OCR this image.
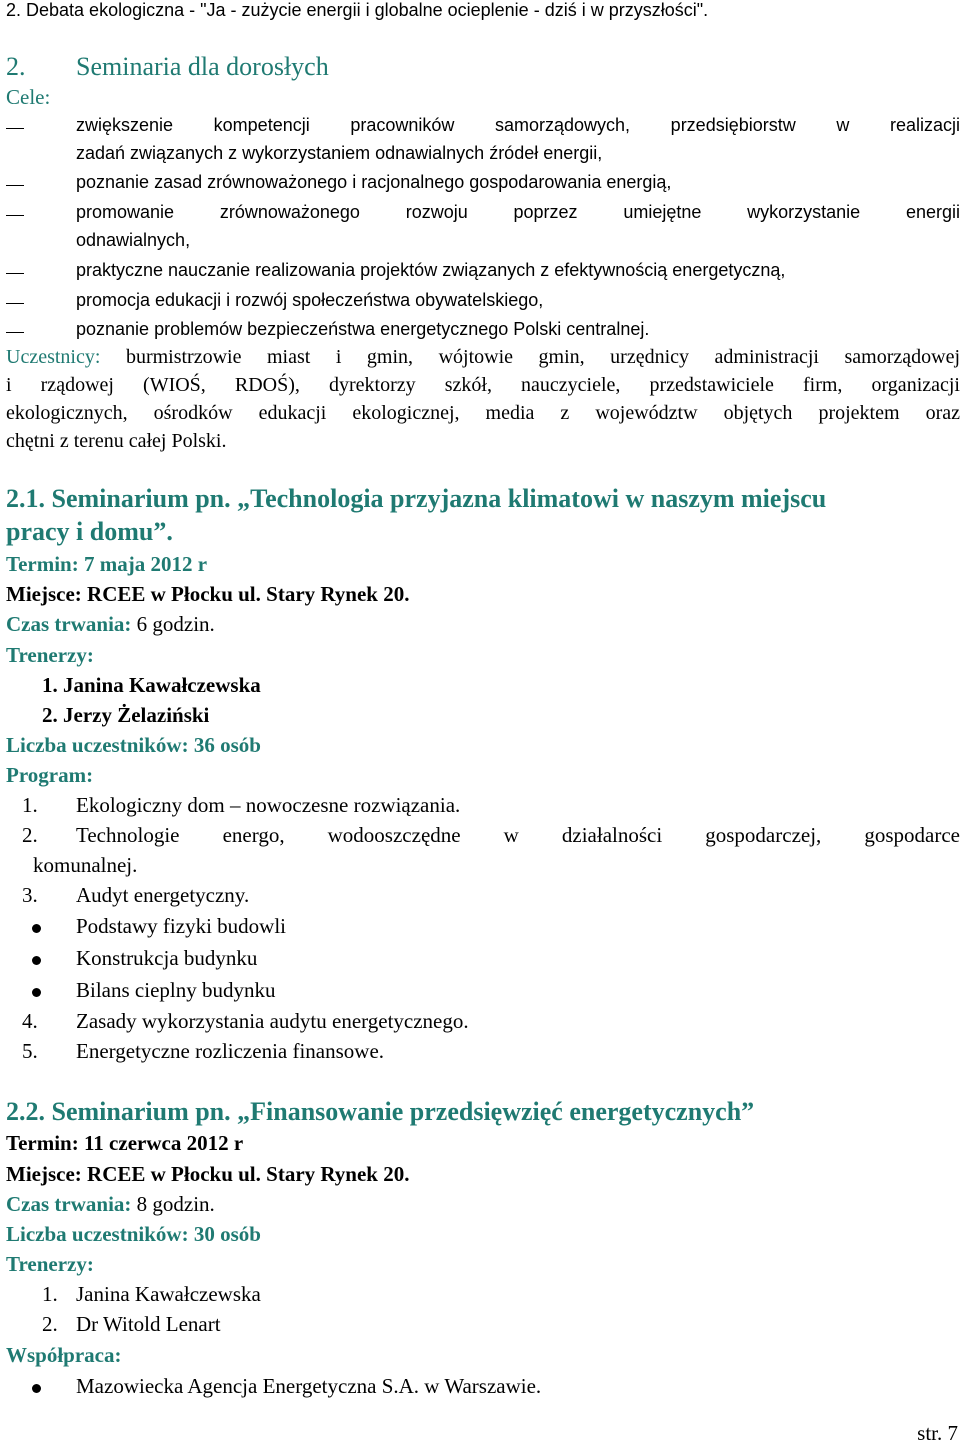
2. Debata ekologiczna - "Ja - zużycie energii i globalne ocieplenie - dziś i w przyszłości".
2. Seminaria dla dorosłych
Cele:
zwiększenie kompetencji pracowników samorządowych, przedsiębiorstw w realizacji
zadań związanych z wykorzystaniem odnawialnych źródeł energii,
poznanie zasad zrównoważonego i racjonalnego gospodarowania energią,
promowanie zrównoważonego rozwoju poprzez umiejętne wykorzystanie energii
odnawialnych,
praktyczne nauczanie realizowania projektów związanych z efektywnością energetyczną,
promocja edukacji i rozwój społeczeństwa obywatelskiego,
poznanie problemów bezpieczeństwa energetycznego Polski centralnej.
Uczestnicy: burmistrzowie miast i gmin, wójtowie gmin, urzędnicy administracji samorządowej
i rządowej (WIOŚ, RDOŚ), dyrektorzy szkół, nauczyciele, przedstawiciele firm, organizacji
ekologicznych, ośrodków edukacji ekologicznej, media z województw objętych projektem oraz
chętni z terenu całej Polski.
2.1. Seminarium pn. „Technologia przyjazna klimatowi w naszym miejscu
pracy i domu”.
Termin: 7 maja 2012 r
Miejsce: RCEE w Płocku ul. Stary Rynek 20.
Czas trwania: 6 godzin.
Trenerzy:
1. Janina Kawałczewska
2. Jerzy Żelaziński
Liczba uczestników: 36 osób
Program:
1. Ekologiczny dom – nowoczesne rozwiązania.
2. Technologie energo, wodooszczędne w działalności gospodarczej, gospodarce
komunalnej.
3. Audyt energetyczny.
Podstawy fizyki budowli
Konstrukcja budynku
Bilans cieplny budynku
4. Zasady wykorzystania audytu energetycznego.
5. Energetyczne rozliczenia finansowe.
2.2. Seminarium pn. „Finansowanie przedsięwzięć energetycznych”
Termin: 11 czerwca 2012 r
Miejsce: RCEE w Płocku ul. Stary Rynek 20.
Czas trwania: 8 godzin.
Liczba uczestników: 30 osób
Trenerzy:
1. Janina Kawałczewska
2. Dr Witold Lenart
Współpraca:
Mazowiecka Agencja Energetyczna S.A. w Warszawie.
str. 7
